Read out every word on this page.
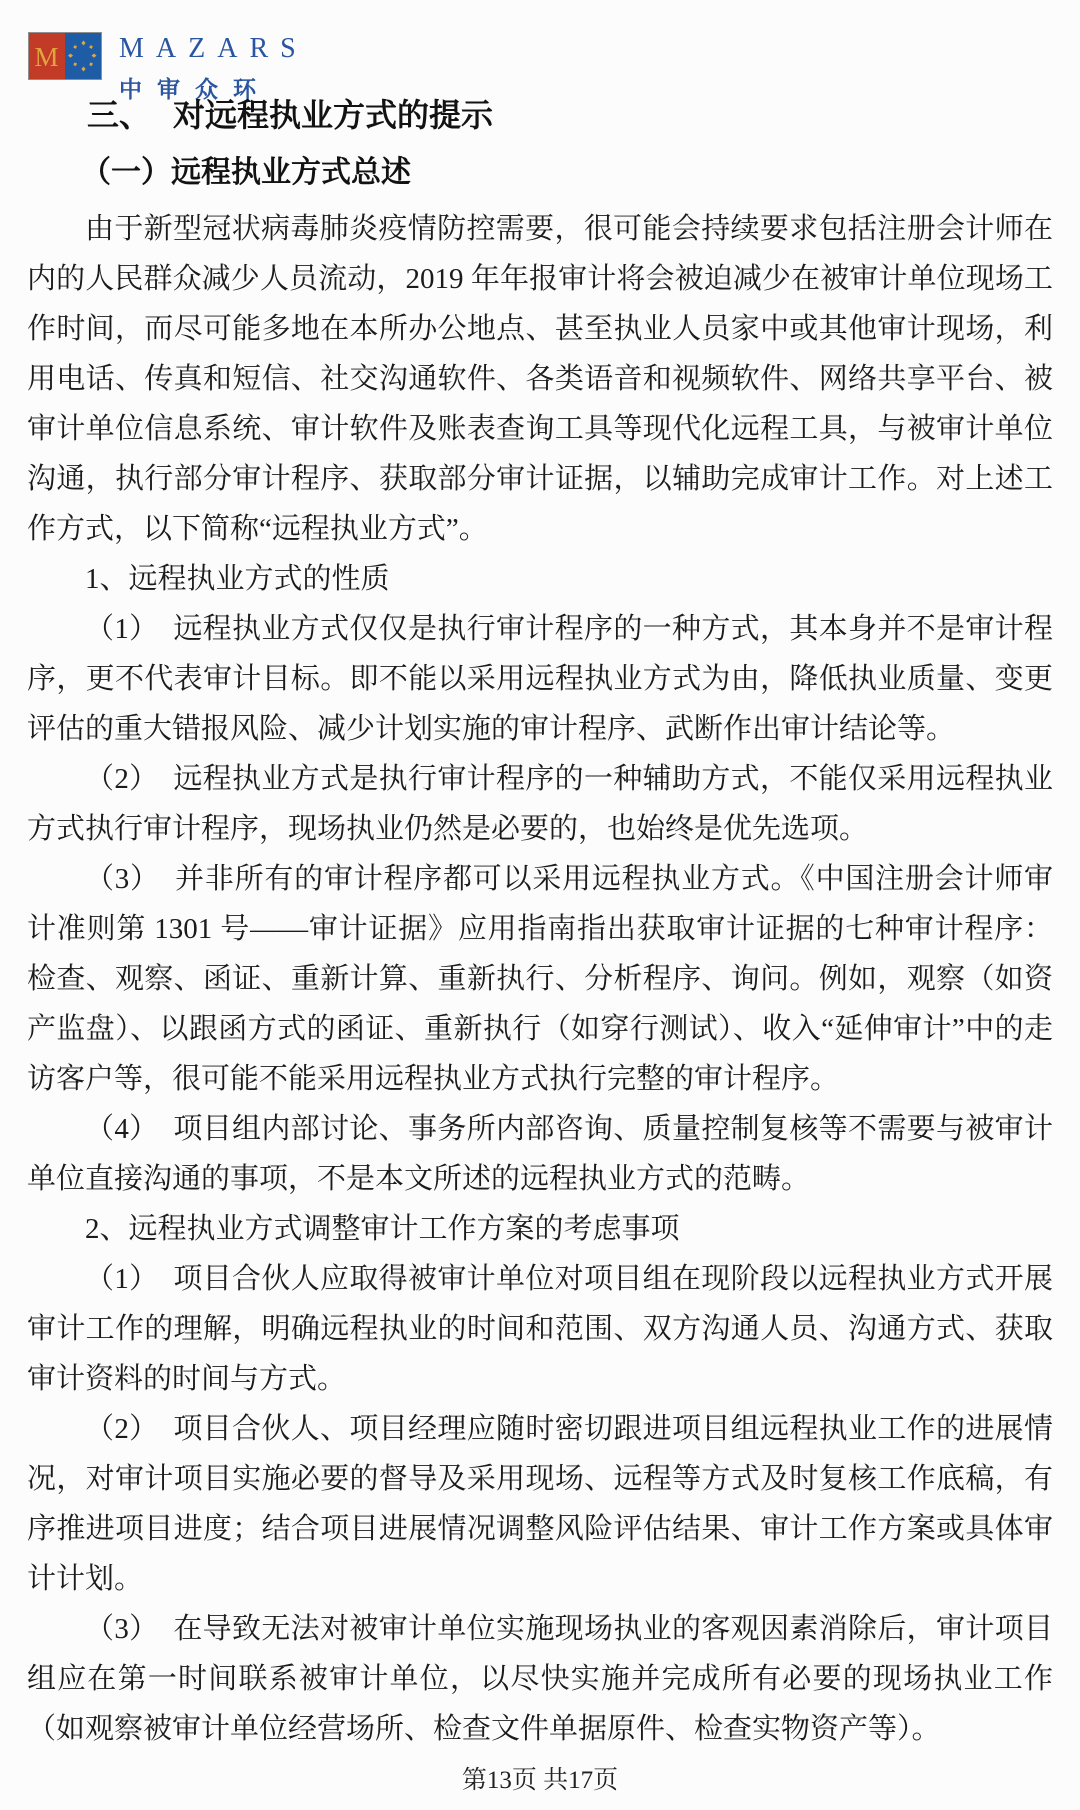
M MAZARS
中审众环
三、 对远程执业方式的提示
（一）远程执业方式总述

由于新型冠状病毒肺炎疫情防控需要，很可能会持续要求包括注册会计师在内的人民群众减少人员流动，2019 年年报审计将会被迫减少在被审计单位现场工作时间，而尽可能多地在本所办公地点、甚至执业人员家中或其他审计现场，利用电话、传真和短信、社交沟通软件、各类语音和视频软件、网络共享平台、被审计单位信息系统、审计软件及账表查询工具等现代化远程工具，与被审计单位沟通，执行部分审计程序、获取部分审计证据，以辅助完成审计工作。对上述工作方式，以下简称“远程执业方式”。

1、远程执业方式的性质

（1）　远程执业方式仅仅是执行审计程序的一种方式，其本身并不是审计程序，更不代表审计目标。即不能以采用远程执业方式为由，降低执业质量、变更评估的重大错报风险、减少计划实施的审计程序、武断作出审计结论等。

（2）　远程执业方式是执行审计程序的一种辅助方式，不能仅采用远程执业方式执行审计程序，现场执业仍然是必要的，也始终是优先选项。

（3）　并非所有的审计程序都可以采用远程执业方式。《中国注册会计师审计准则第 1301 号——审计证据》应用指南指出获取审计证据的七种审计程序：检查、观察、函证、重新计算、重新执行、分析程序、询问。例如，观察（如资产监盘）、以跟函方式的函证、重新执行（如穿行测试）、收入“延伸审计”中的走访客户等，很可能不能采用远程执业方式执行完整的审计程序。

（4）　项目组内部讨论、事务所内部咨询、质量控制复核等不需要与被审计单位直接沟通的事项，不是本文所述的远程执业方式的范畴。

2、远程执业方式调整审计工作方案的考虑事项

（1）　项目合伙人应取得被审计单位对项目组在现阶段以远程执业方式开展审计工作的理解，明确远程执业的时间和范围、双方沟通人员、沟通方式、获取审计资料的时间与方式。

（2）　项目合伙人、项目经理应随时密切跟进项目组远程执业工作的进展情况，对审计项目实施必要的督导及采用现场、远程等方式及时复核工作底稿，有序推进项目进度；结合项目进展情况调整风险评估结果、审计工作方案或具体审计计划。

（3）　在导致无法对被审计单位实施现场执业的客观因素消除后，审计项目组应在第一时间联系被审计单位，以尽快实施并完成所有必要的现场执业工作（如观察被审计单位经营场所、检查文件单据原件、检查实物资产等）。

第13页 共17页
